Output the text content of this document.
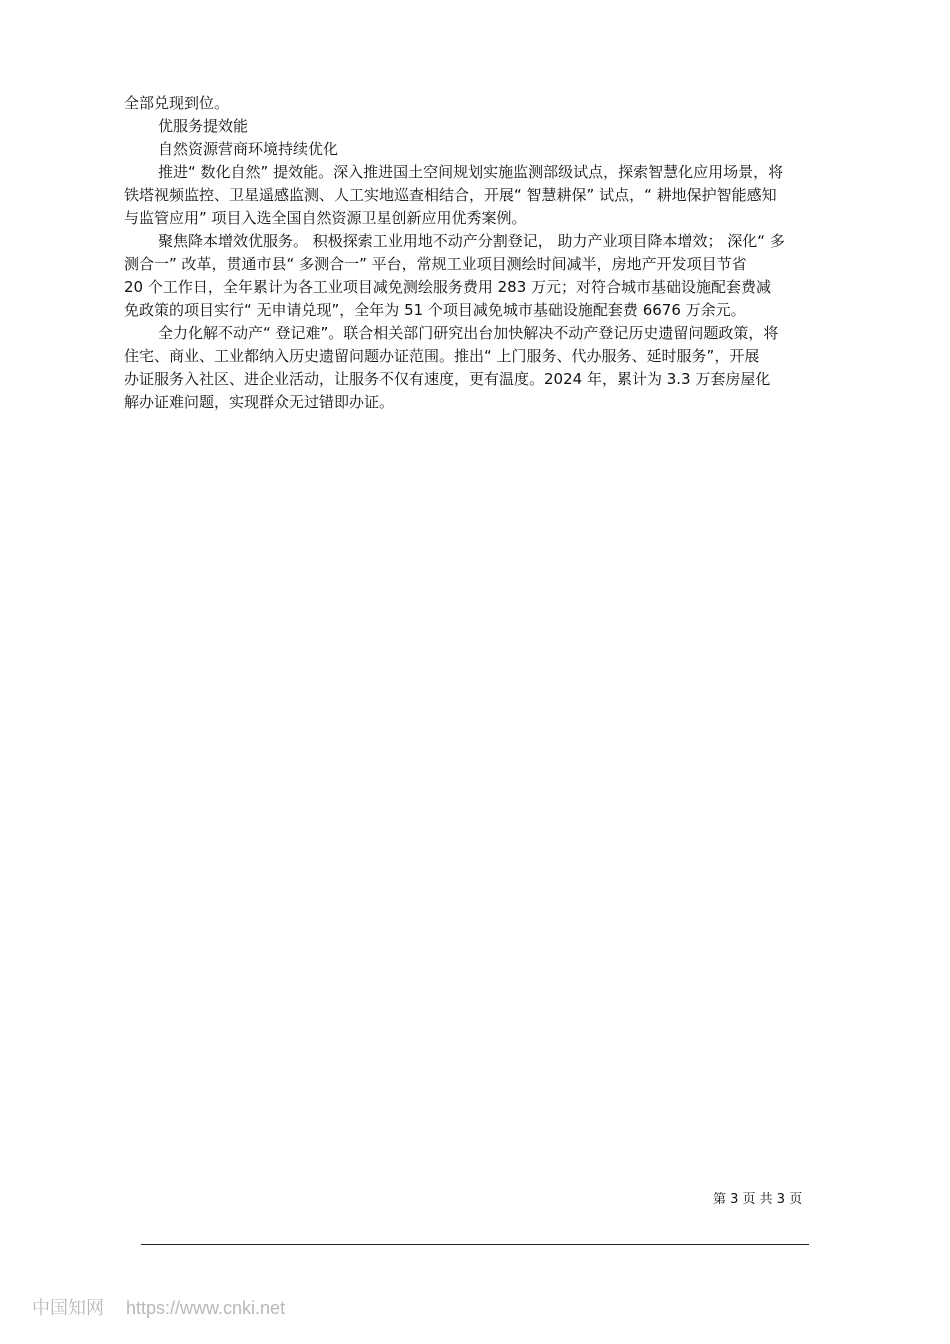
全部兑现到位。
优服务提效能
自然资源营商环境持续优化
推进“ 数化自然” 提效能。深入推进国土空间规划实施监测部级试点，探索智慧化应用场景，将
铁塔视频监控、卫星遥感监测、人工实地巡查相结合，开展“ 智慧耕保” 试点，“ 耕地保护智能感知
与监管应用” 项目入选全国自然资源卫星创新应用优秀案例。
聚焦降本增效优服务。 积极探索工业用地不动产分割登记， 助力产业项目降本增效； 深化“ 多
测合一” 改革，贯通市县“ 多测合一” 平台，常规工业项目测绘时间减半，房地产开发项目节省
20 个工作日，全年累计为各工业项目减免测绘服务费用 283 万元；对符合城市基础设施配套费减
免政策的项目实行“ 无申请兑现”，全年为 51 个项目减免城市基础设施配套费 6676 万余元。
全力化解不动产“ 登记难”。联合相关部门研究出台加快解决不动产登记历史遗留问题政策，将
住宅、商业、工业都纳入历史遗留问题办证范围。推出“ 上门服务、代办服务、延时服务”，开展
办证服务入社区、进企业活动，让服务不仅有速度，更有温度。2024 年，累计为 3.3 万套房屋化
解办证难问题，实现群众无过错即办证。
第 3 页 共 3 页
中国知网 https://www.cnki.net
